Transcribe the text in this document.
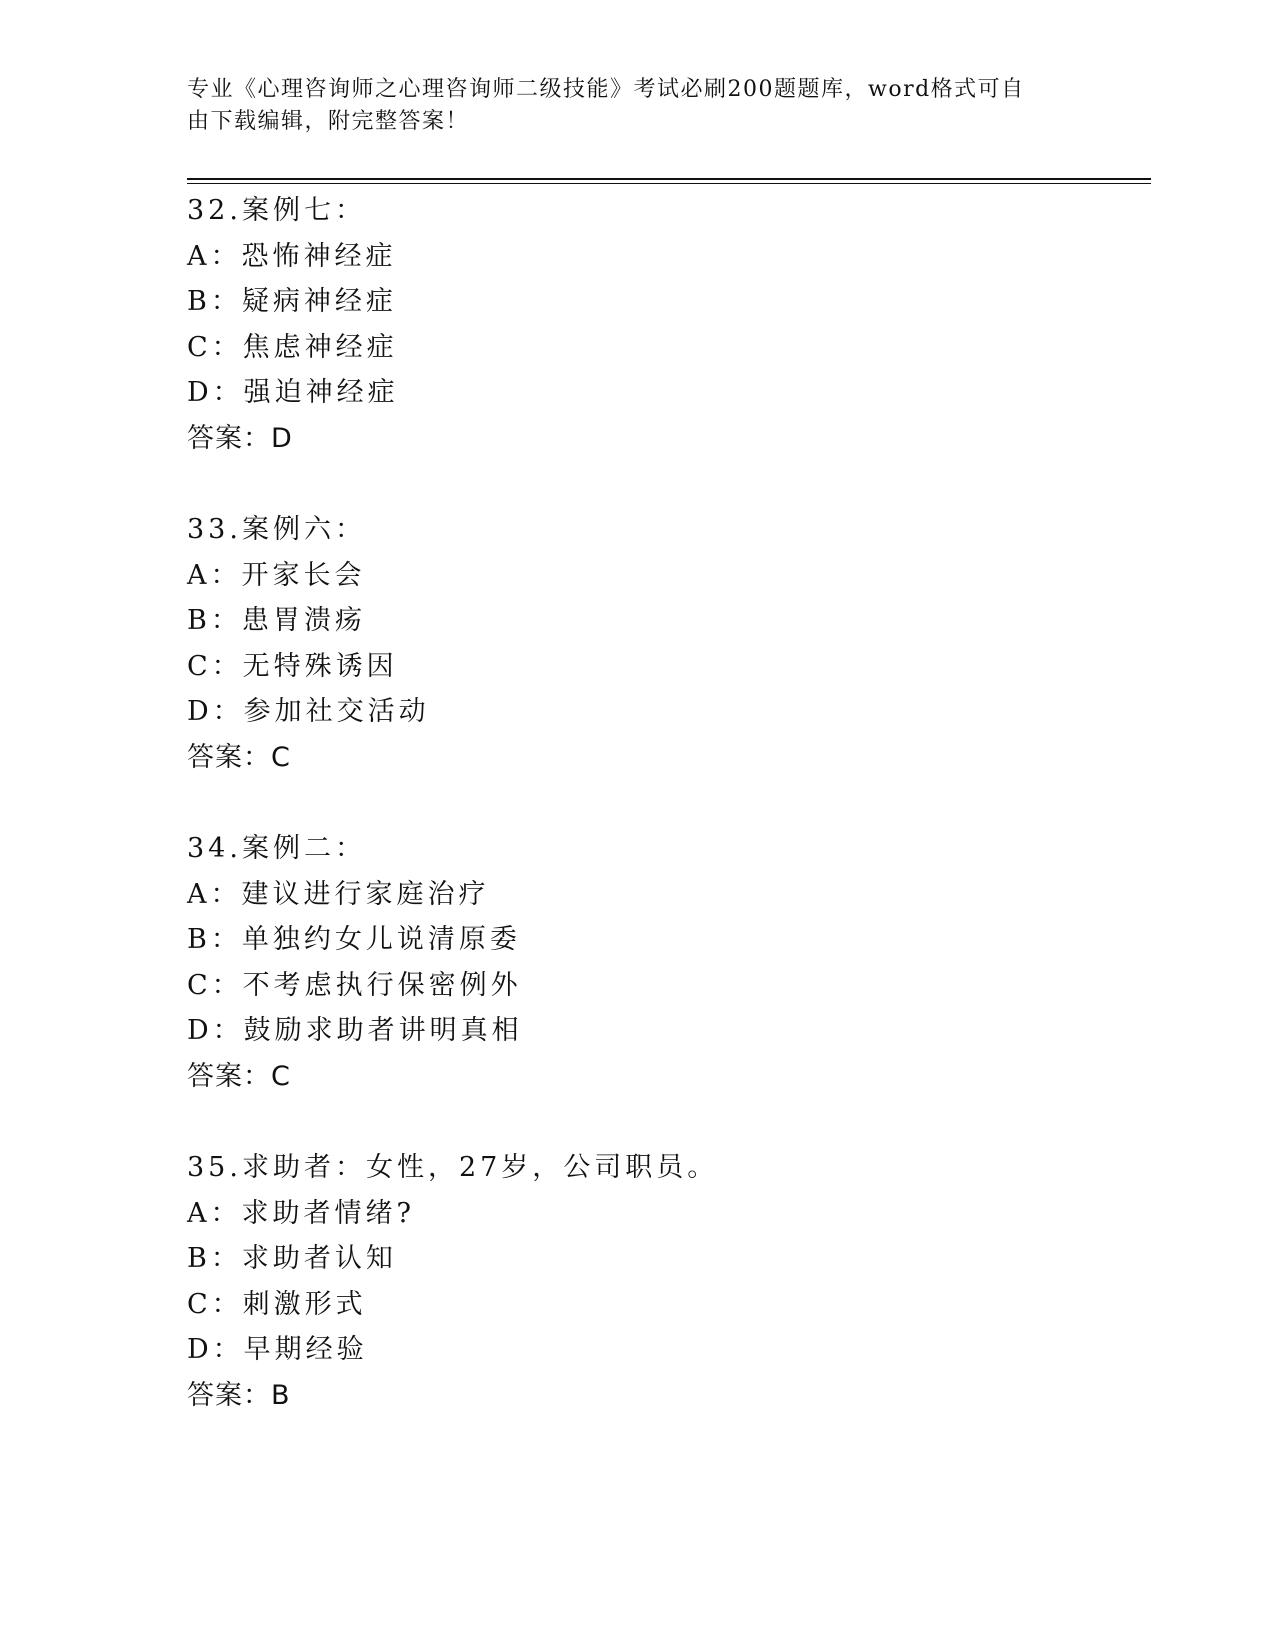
专业《心理咨询师之心理咨询师二级技能》考试必刷200题题库，word格式可自
由下载编辑，附完整答案！
32.案例七：
A：恐怖神经症
B：疑病神经症
C：焦虑神经症
D：强迫神经症
答案：D
33.案例六：
A：开家长会
B：患胃溃疡
C：无特殊诱因
D：参加社交活动
答案：C
34.案例二：
A：建议进行家庭治疗
B：单独约女儿说清原委
C：不考虑执行保密例外
D：鼓励求助者讲明真相
答案：C
35.求助者：女性，27岁，公司职员。
A：求助者情绪?
B：求助者认知
C：刺激形式
D：早期经验
答案：B
